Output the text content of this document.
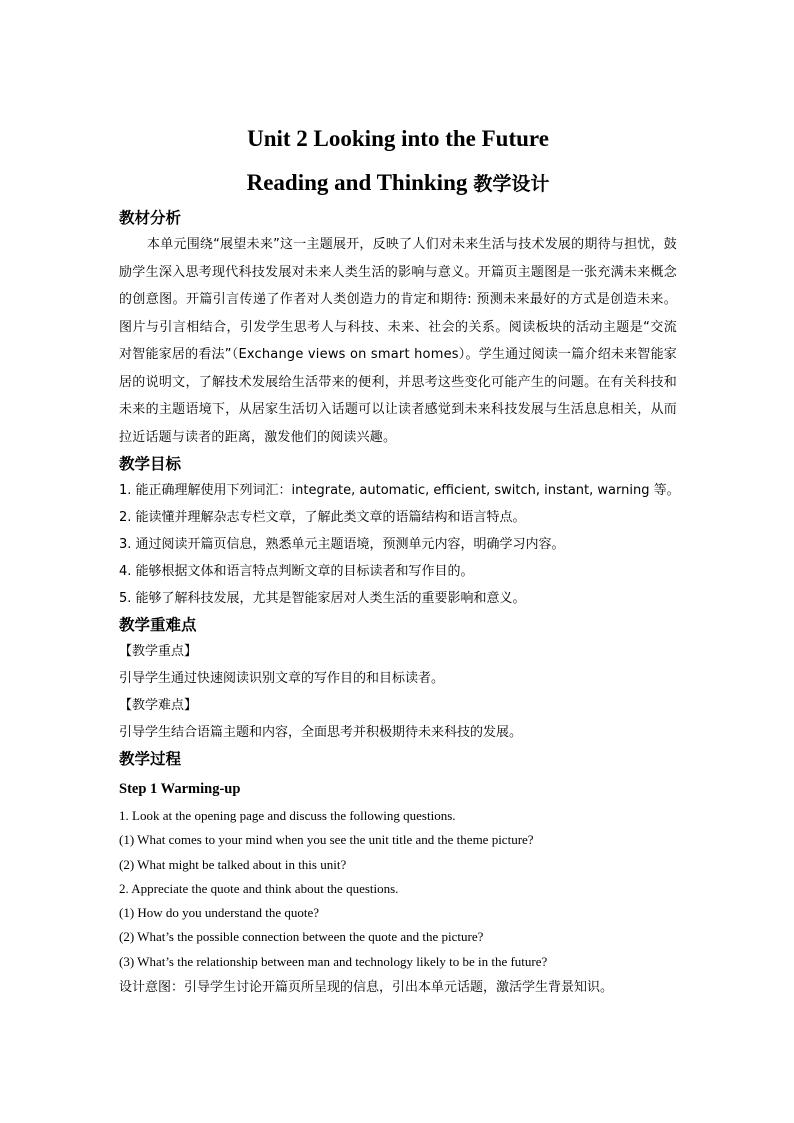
Unit 2 Looking into the Future
Reading and Thinking 教学设计
教材分析

本单元围绕“展望未来”这一主题展开，反映了人们对未来生活与技术发展的期待与担忧，鼓励学生深入思考现代科技发展对未来人类生活的影响与意义。开篇页主题图是一张充满未来概念的创意图。开篇引言传递了作者对人类创造力的肯定和期待: 预测未来最好的方式是创造未来。图片与引言相结合，引发学生思考人与科技、未来、社会的关系。阅读板块的活动主题是“交流对智能家居的看法”（Exchange views on smart homes）。学生通过阅读一篇介绍未来智能家居的说明文，了解技术发展给生活带来的便利，并思考这些变化可能产生的问题。在有关科技和未来的主题语境下，从居家生活切入话题可以让读者感觉到未来科技发展与生活息息相关，从而拉近话题与读者的距离，激发他们的阅读兴趣。

教学目标

1. 能正确理解使用下列词汇：integrate, automatic, efficient, switch, instant, warning 等。

2. 能读懂并理解杂志专栏文章，了解此类文章的语篇结构和语言特点。

3. 通过阅读开篇页信息，熟悉单元主题语境，预测单元内容，明确学习内容。

4. 能够根据文体和语言特点判断文章的目标读者和写作目的。

5. 能够了解科技发展，尤其是智能家居对人类生活的重要影响和意义。

教学重难点

【教学重点】

引导学生通过快速阅读识别文章的写作目的和目标读者。

【教学难点】

引导学生结合语篇主题和内容，全面思考并积极期待未来科技的发展。

教学过程

Step 1 Warming-up

1. Look at the opening page and discuss the following questions.

(1) What comes to your mind when you see the unit title and the theme picture?

(2) What might be talked about in this unit?

2. Appreciate the quote and think about the questions.

(1) How do you understand the quote?

(2) What’s the possible connection between the quote and the picture?

(3) What’s the relationship between man and technology likely to be in the future?

设计意图：引导学生讨论开篇页所呈现的信息，引出本单元话题，激活学生背景知识。
